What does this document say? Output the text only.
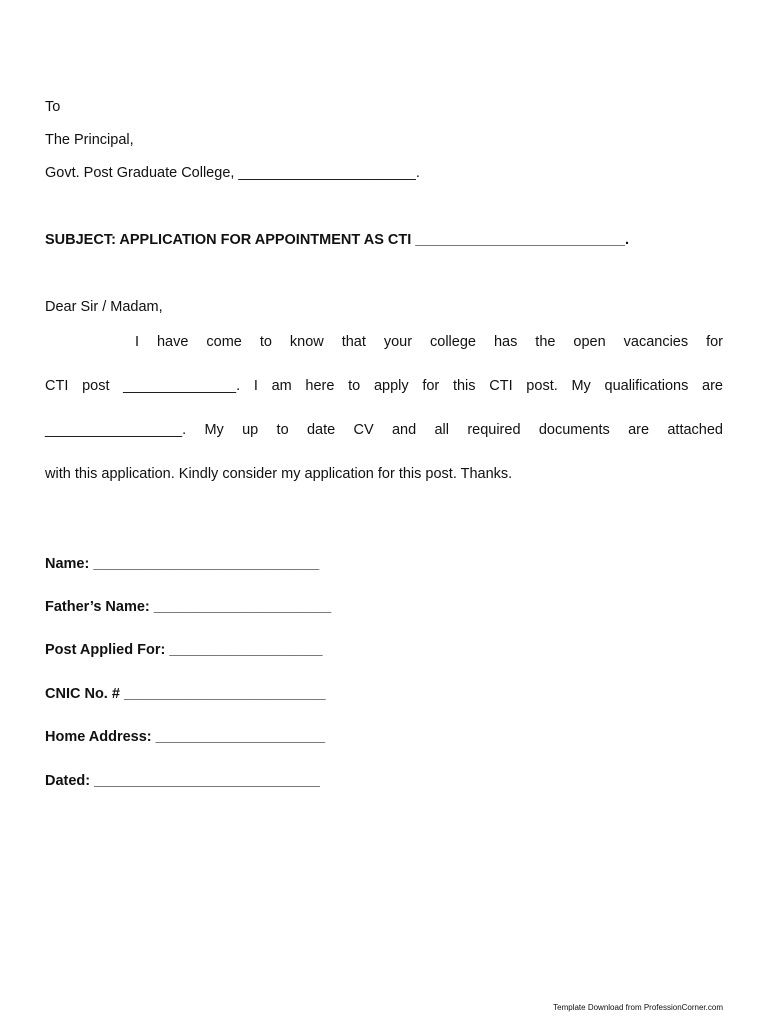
To
The Principal,
Govt. Post Graduate College, ______________________.
SUBJECT: APPLICATION FOR APPOINTMENT AS CTI __________________________.
Dear Sir / Madam,
I have come to know that your college has the open vacancies for
CTI post ______________. I am here to apply for this CTI post. My qualifications are
_________________. My up to date CV and all required documents are attached
with this application. Kindly consider my application for this post. Thanks.
Name: ____________________________
Father’s Name: ______________________
Post Applied For: ___________________
CNIC No. # _________________________
Home Address: _____________________
Dated: ____________________________
Template Download from ProfessionCorner.com
